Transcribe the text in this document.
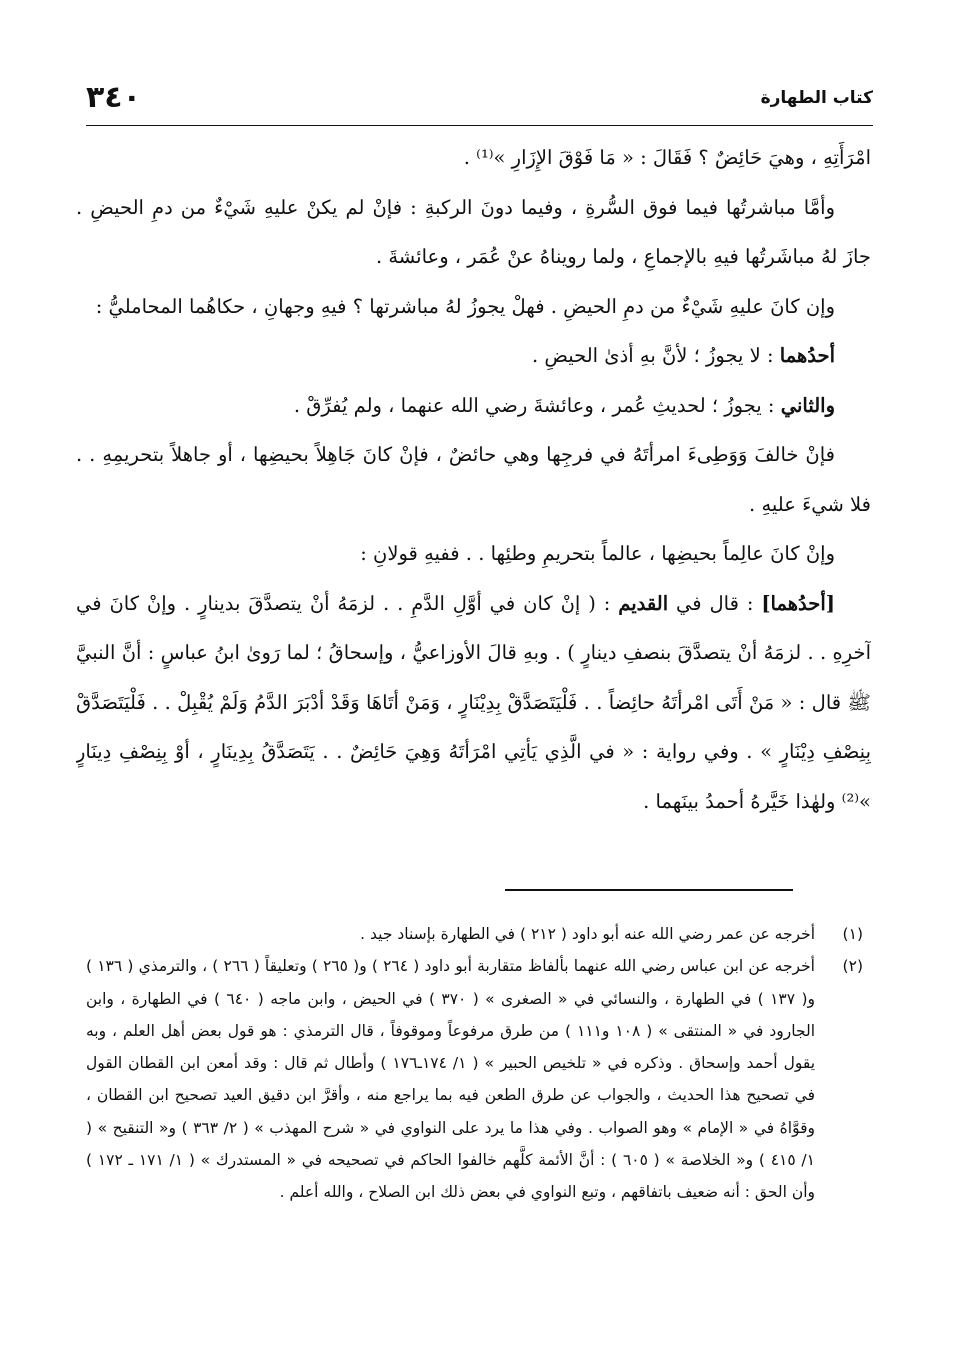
كتاب الطهارة
٣٤٠

امْرَأَتِهِ ، وهيَ حَائِضٌ ؟ فَقَالَ : « مَا فَوْقَ الإِزَارِ »⁽¹⁾ .

وأمَّا مباشرتُها فيما فوق السُّرةِ ، وفيما دونَ الركبةِ : فإنْ لم يكنْ عليهِ شَيْءٌ من دمِ الحيضِ . جازَ لهُ مباشَرتُها فيهِ بالإجماعِ ، ولما رويناهُ عنْ عُمَر ، وعائشةَ .

وإن كانَ عليهِ شَيْءٌ من دمِ الحيضِ . فهلْ يجوزُ لهُ مباشرتها ؟ فيهِ وجهانِ ، حكاهُما المحامليُّ :

أحدُهما : لا يجوزُ ؛ لأنَّ بهِ أذىٰ الحيضِ .

والثاني : يجوزُ ؛ لحديثِ عُمر ، وعائشةَ رضي الله عنهما ، ولم يُفرِّقْ .

فإنْ خالفَ وَوَطِىءَ امرأتَهُ في فرجِها وهي حائضٌ ، فإنْ كانَ جَاهِلاً بحيضِها ، أو جاهلاً بتحريمِهِ . . فلا شيءَ عليهِ .

وإنْ كانَ عالِماً بحيضِها ، عالماً بتحريمِ وطئِها . . ففيهِ قولانِ :

[أحدُهما] : قال في القديم : ( إنْ كان في أوَّلِ الدَّمِ . . لزمَهُ أنْ يتصدَّقَ بدينارٍ . وإنْ كانَ في آخرِهِ . . لزمَهُ أنْ يتصدَّقَ بنصفِ دينارٍ ) . وبهِ قالَ الأوزاعيُّ ، وإسحاقُ ؛ لما رَوىٰ ابنُ عباسٍ : أنَّ النبيَّ ﷺ قال : « مَنْ أَتَى امْرأتَهُ حائِضاً . . فَلْيَتَصَدَّقْ بِدِيْنَارٍ ، وَمَنْ أتَاهَا وَقَدْ أدْبَرَ الدَّمُ وَلَمْ يُقْبِلْ . . فَلْيَتَصَدَّقْ بِنِصْفِ دِيْنَارٍ » . وفي رواية : « في الَّذِي يَأتِي امْرَأتَهُ وَهِيَ حَائِضٌ . . يَتَصَدَّقُ بِدِينَارٍ ، أوْ بِنِصْفِ دِينَارٍ »⁽²⁾ ولهٰذا خَيَّرهُ أحمدُ بينَهما .

(١)
أخرجه عن عمر رضي الله عنه أبو داود ( ٢١٢ ) في الطهارة بإسناد جيد .
(٢)
أخرجه عن ابن عباس رضي الله عنهما بألفاظ متقاربة أبو داود ( ٢٦٤ ) و( ٢٦٥ ) وتعليقاً ( ٢٦٦ ) ، والترمذي ( ١٣٦ ) و( ١٣٧ ) في الطهارة ، والنسائي في « الصغرى » ( ٣٧٠ ) في الحيض ، وابن ماجه ( ٦٤٠ ) في الطهارة ، وابن الجارود في « المنتقى » ( ١٠٨ و١١١ ) من طرق مرفوعاً وموقوفاً ، قال الترمذي : هو قول بعض أهل العلم ، وبه يقول أحمد وإسحاق . وذكره في « تلخيص الحبير » ( ١/ ١٧٤ـ١٧٦ ) وأطال ثم قال : وقد أمعن ابن القطان القول في تصحيح هذا الحديث ، والجواب عن طرق الطعن فيه بما يراجع منه ، وأقرَّ ابن دقيق العيد تصحيح ابن القطان ، وقوَّاهُ في « الإمام » وهو الصواب . وفي هذا ما يرد على النواوي في « شرح المهذب » ( ٢/ ٣٦٣ ) و« التنقيح » ( ١/ ٤١٥ ) و« الخلاصة » ( ٦٠٥ ) : أنَّ الأئمة كلَّهم خالفوا الحاكم في تصحيحه في « المستدرك » ( ١/ ١٧١ ـ ١٧٢ ) وأن الحق : أنه ضعيف باتفاقهم ، وتبع النواوي في بعض ذلك ابن الصلاح ، والله أعلم .
